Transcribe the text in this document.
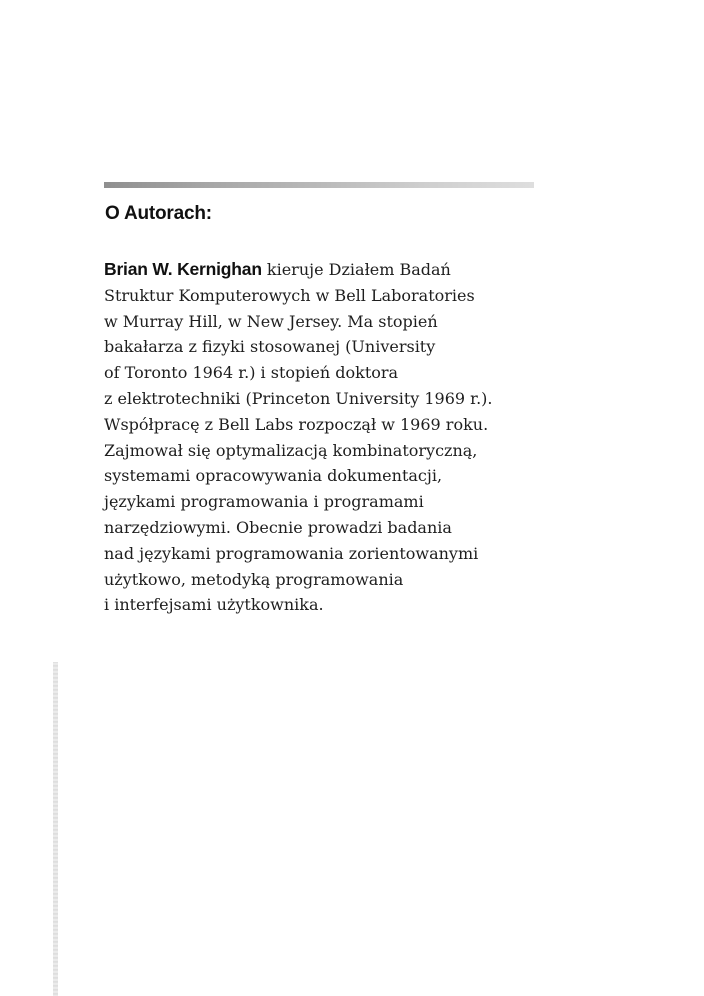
O Autorach:

Brian W. Kernighan kieruje Działem Badań
Struktur Komputerowych w Bell Laboratories
w Murray Hill, w New Jersey. Ma stopień
bakałarza z fizyki stosowanej (University
of Toronto 1964 r.) i stopień doktora
z elektrotechniki (Princeton University 1969 r.).
Współpracę z Bell Labs rozpoczął w 1969 roku.
Zajmował się optymalizacją kombinatoryczną,
systemami opracowywania dokumentacji,
językami programowania i programami
narzędziowymi. Obecnie prowadzi badania
nad językami programowania zorientowanymi
użytkowo, metodyką programowania
i interfejsami użytkownika.
